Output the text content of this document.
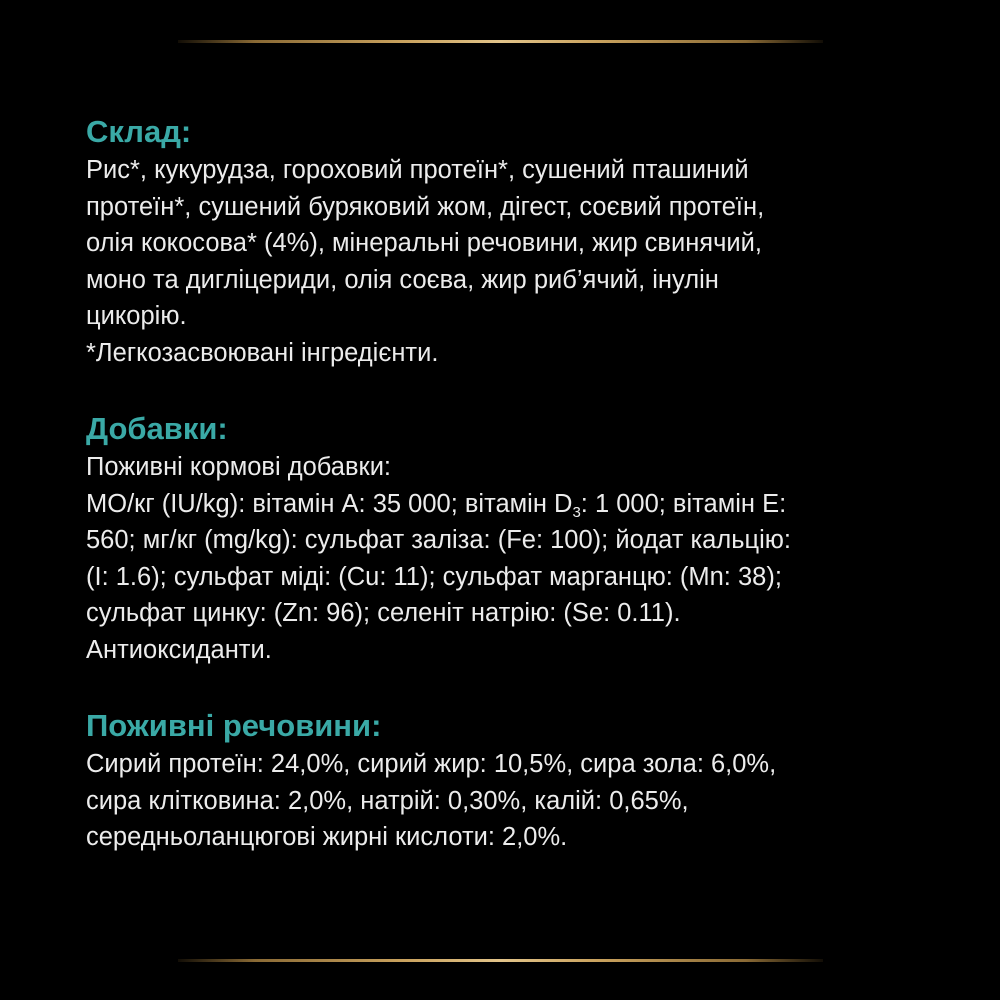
Склад:

Рис*, кукурудза, гороховий протеїн*, сушений пташиний
протеїн*, сушений буряковий жом, дігест, соєвий протеїн,
олія кокосова* (4%), мінеральні речовини, жир свинячий,
моно та дигліцериди, олія соєва, жир риб’ячий, інулін
цикорію.
*Легкозасвоювані інгредієнти.

Добавки:

Поживні кормові добавки:
МО/кг (IU/kg): вітамін А: 35 000; вітамін $D_3$: 1 000; вітамін Е:
560; мг/кг (mg/kg): сульфат заліза: (Fe: 100); йодат кальцію:
(I: 1.6); сульфат міді: (Cu: 11); сульфат марганцю: (Mn: 38);
сульфат цинку: (Zn: 96); селеніт натрію: (Se: 0.11).
Антиоксиданти.

Поживні речовини:

Сирий протеїн: 24,0%, сирий жир: 10,5%, сира зола: 6,0%,
сира клітковина: 2,0%, натрій: 0,30%, калій: 0,65%,
середньоланцюгові жирні кислоти: 2,0%.
